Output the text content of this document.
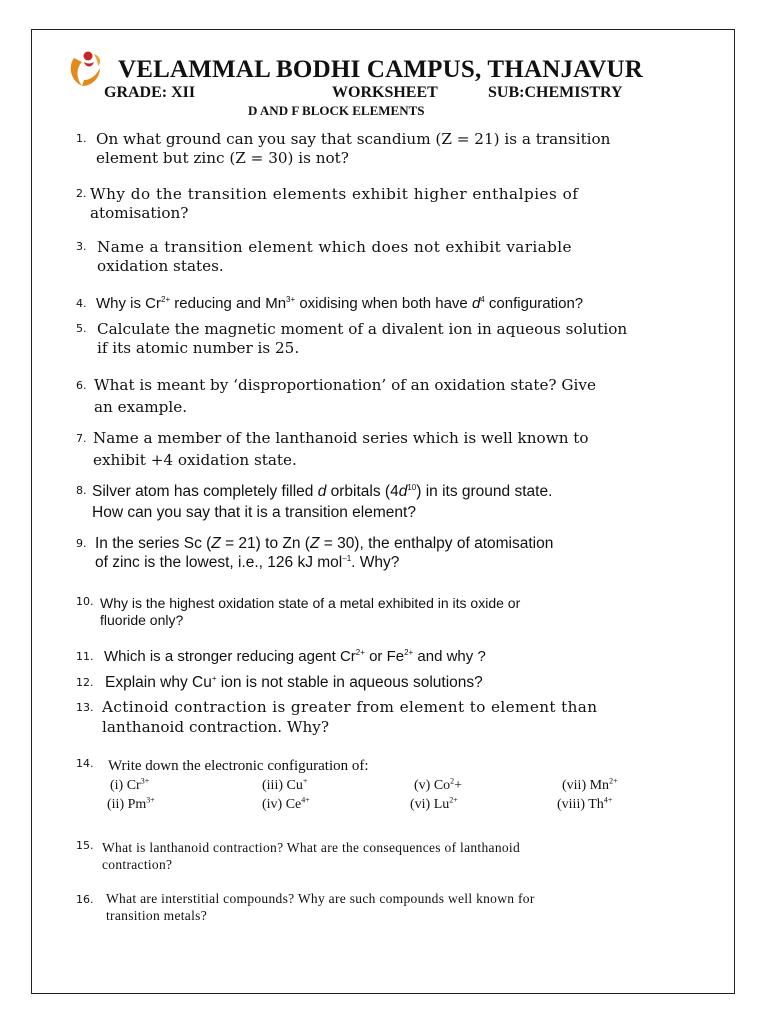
VELAMMAL BODHI CAMPUS, THANJAVUR
GRADE: XII	WORKSHEET	SUB:CHEMISTRY
D AND F BLOCK ELEMENTS
1. On what ground can you say that scandium (Z = 21) is a transition
element but zinc (Z = 30) is not?
2. Why do the transition elements exhibit higher enthalpies of
atomisation?
3. Name a transition element which does not exhibit variable
oxidation states.
4. Why is $Cr^{2+}$ reducing and $Mn^{3+}$ oxidising when both have $d^4$ configuration?
5. Calculate the magnetic moment of a divalent ion in aqueous solution
if its atomic number is 25.
6. What is meant by ‘disproportionation’ of an oxidation state? Give
an example.
7. Name a member of the lanthanoid series which is well known to
exhibit +4 oxidation state.
8. Silver atom has completely filled d orbitals $(4d^{10})$ in its ground state.
How can you say that it is a transition element?
9. In the series Sc (Z = 21) to Zn (Z = 30), the enthalpy of atomisation
of zinc is the lowest, i.e., 126 kJ mol$^{-1}$. Why?
10. Why is the highest oxidation state of a metal exhibited in its oxide or
fluoride only?
11. Which is a stronger reducing agent $Cr^{2+}$ or $Fe^{2+}$ and why ?
12. Explain why Cu+ ion is not stable in aqueous solutions?
13. Actinoid contraction is greater from element to element than
lanthanoid contraction. Why?
14. Write down the electronic configuration of:
(i) $Cr^{3+}$	(iii) Cu+	(v) $Co^2+$	(vii) $Mn^{2+}$
(ii) $Pm^{3+}$	(iv) $Ce^{4+}$	(vi) $Lu^{2+}$	(viii) $Th^{4+}$
15. What is lanthanoid contraction? What are the consequences of lanthanoid
contraction?
16. What are interstitial compounds? Why are such compounds well known for
transition metals?
